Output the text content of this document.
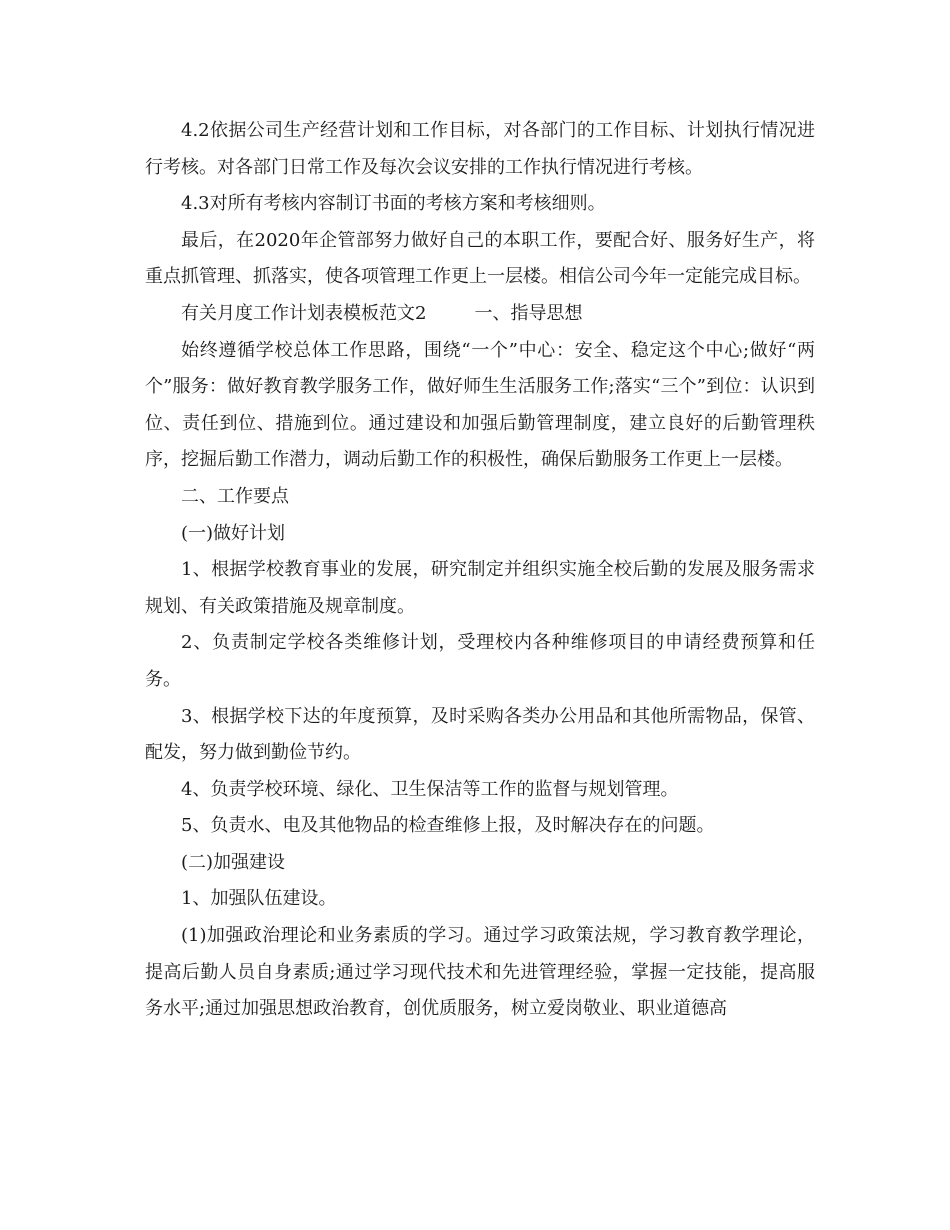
4.2依据公司生产经营计划和工作目标，对各部门的工作目标、计划执行情况进行考核。对各部门日常工作及每次会议安排的工作执行情况进行考核。

4.3对所有考核内容制订书面的考核方案和考核细则。

最后，在2020年企管部努力做好自己的本职工作，要配合好、服务好生产，将重点抓管理、抓落实，使各项管理工作更上一层楼。相信公司今年一定能完成目标。

有关月度工作计划表模板范文2	一、指导思想

始终遵循学校总体工作思路，围绕“一个”中心：安全、稳定这个中心;做好“两个”服务：做好教育教学服务工作，做好师生生活服务工作;落实“三个”到位：认识到位、责任到位、措施到位。通过建设和加强后勤管理制度，建立良好的后勤管理秩序，挖掘后勤工作潜力，调动后勤工作的积极性，确保后勤服务工作更上一层楼。

二、工作要点

(一)做好计划

1、根据学校教育事业的发展，研究制定并组织实施全校后勤的发展及服务需求规划、有关政策措施及规章制度。

2、负责制定学校各类维修计划，受理校内各种维修项目的申请经费预算和任务。

3、根据学校下达的年度预算，及时采购各类办公用品和其他所需物品，保管、配发，努力做到勤俭节约。

4、负责学校环境、绿化、卫生保洁等工作的监督与规划管理。

5、负责水、电及其他物品的检查维修上报，及时解决存在的问题。

(二)加强建设

1、加强队伍建设。

(1)加强政治理论和业务素质的学习。通过学习政策法规，学习教育教学理论，提高后勤人员自身素质;通过学习现代技术和先进管理经验，掌握一定技能，提高服务水平;通过加强思想政治教育，创优质服务，树立爱岗敬业、职业道德高
